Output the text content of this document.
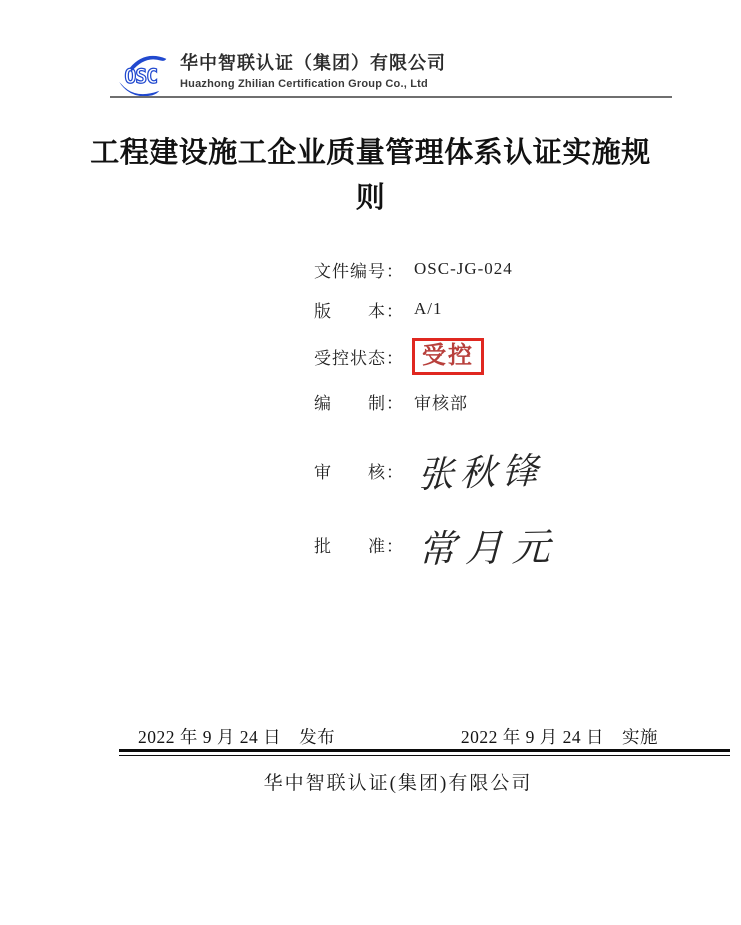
OSC
华中智联认证（集团）有限公司
Huazhong Zhilian Certification Group Co., Ltd
工程建设施工企业质量管理体系认证实施规则
文件编号： OSC-JG-024
版　　本： A/1
受控状态： 受控
编　　制： 审核部
审　　核： 张秋锋
批　　准： 常月元
2022 年 9 月 24 日　发布	2022 年 9 月 24 日　实施
华中智联认证(集团)有限公司
